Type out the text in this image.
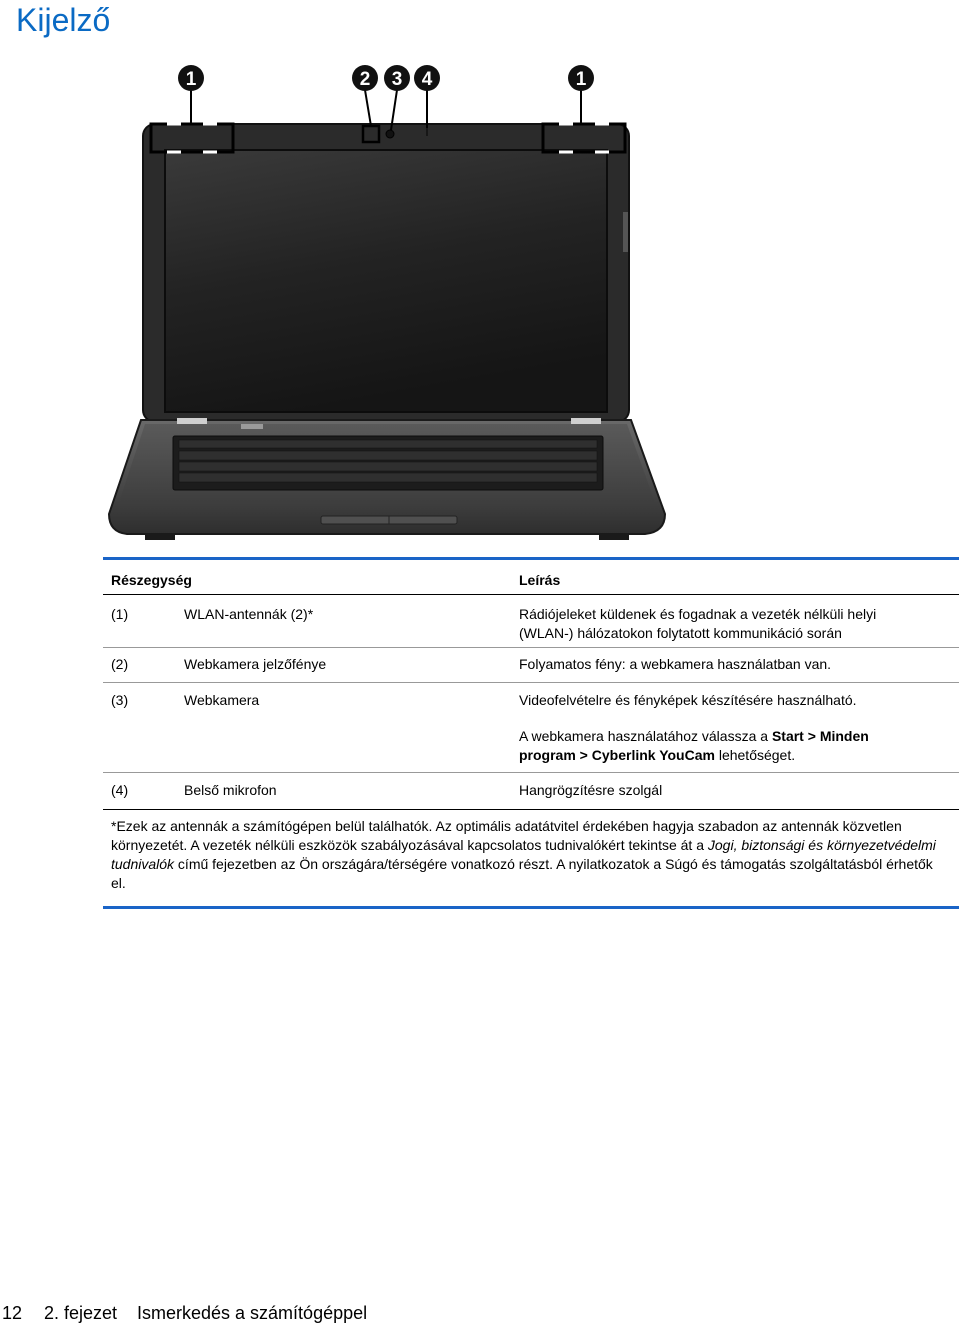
Kijelző
1	2 3 4	1
Részegység	Leírás
(1)	WLAN-antennák (2)*	Rádiójeleket küldenek és fogadnak a vezeték nélküli helyi
(WLAN-) hálózatokon folytatott kommunikáció során
(2)	Webkamera jelzőfénye	Folyamatos fény: a webkamera használatban van.
(3)	Webkamera	Videofelvételre és fényképek készítésére használható.
A webkamera használatához válassza a Start > Minden
program > Cyberlink YouCam lehetőséget.
(4)	Belső mikrofon	Hangrögzítésre szolgál

*Ezek az antennák a számítógépen belül találhatók. Az optimális adatátvitel érdekében hagyja szabadon az antennák közvetlen környezetét. A vezeték nélküli eszközök szabályozásával kapcsolatos tudnivalókért tekintse át a Jogi, biztonsági és környezetvédelmi tudnivalók című fejezetben az Ön országára/térségére vonatkozó részt. A nyilatkozatok a Súgó és támogatás szolgáltatásból érhetők el.

12 2. fejezet Ismerkedés a számítógéppel
